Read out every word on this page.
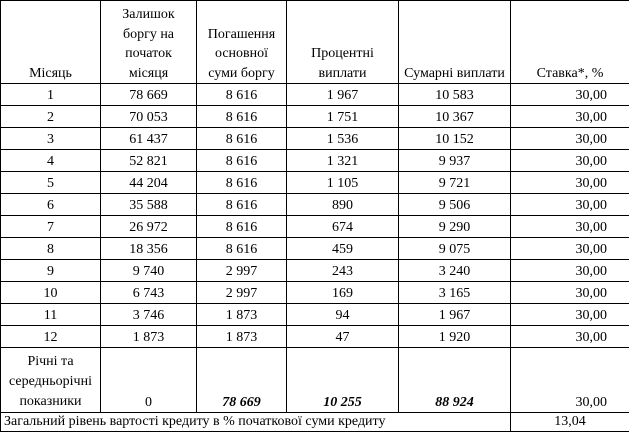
Місяць	Залишок боргу на початок місяця	Погашення основної суми боргу	Процентні виплати	Сумарні виплати	Ставка*, %
1	78 669	8 616	1 967	10 583	30,00
2	70 053	8 616	1 751	10 367	30,00
3	61 437	8 616	1 536	10 152	30,00
4	52 821	8 616	1 321	9 937	30,00
5	44 204	8 616	1 105	9 721	30,00
6	35 588	8 616	890	9 506	30,00
7	26 972	8 616	674	9 290	30,00
8	18 356	8 616	459	9 075	30,00
9	9 740	2 997	243	3 240	30,00
10	6 743	2 997	169	3 165	30,00
11	3 746	1 873	94	1 967	30,00
12	1 873	1 873	47	1 920	30,00
Річні та середньорічні показники	0	78 669	10 255	88 924	30,00
Загальний рівень вартості кредиту в % початкової суми кредиту					13,04
